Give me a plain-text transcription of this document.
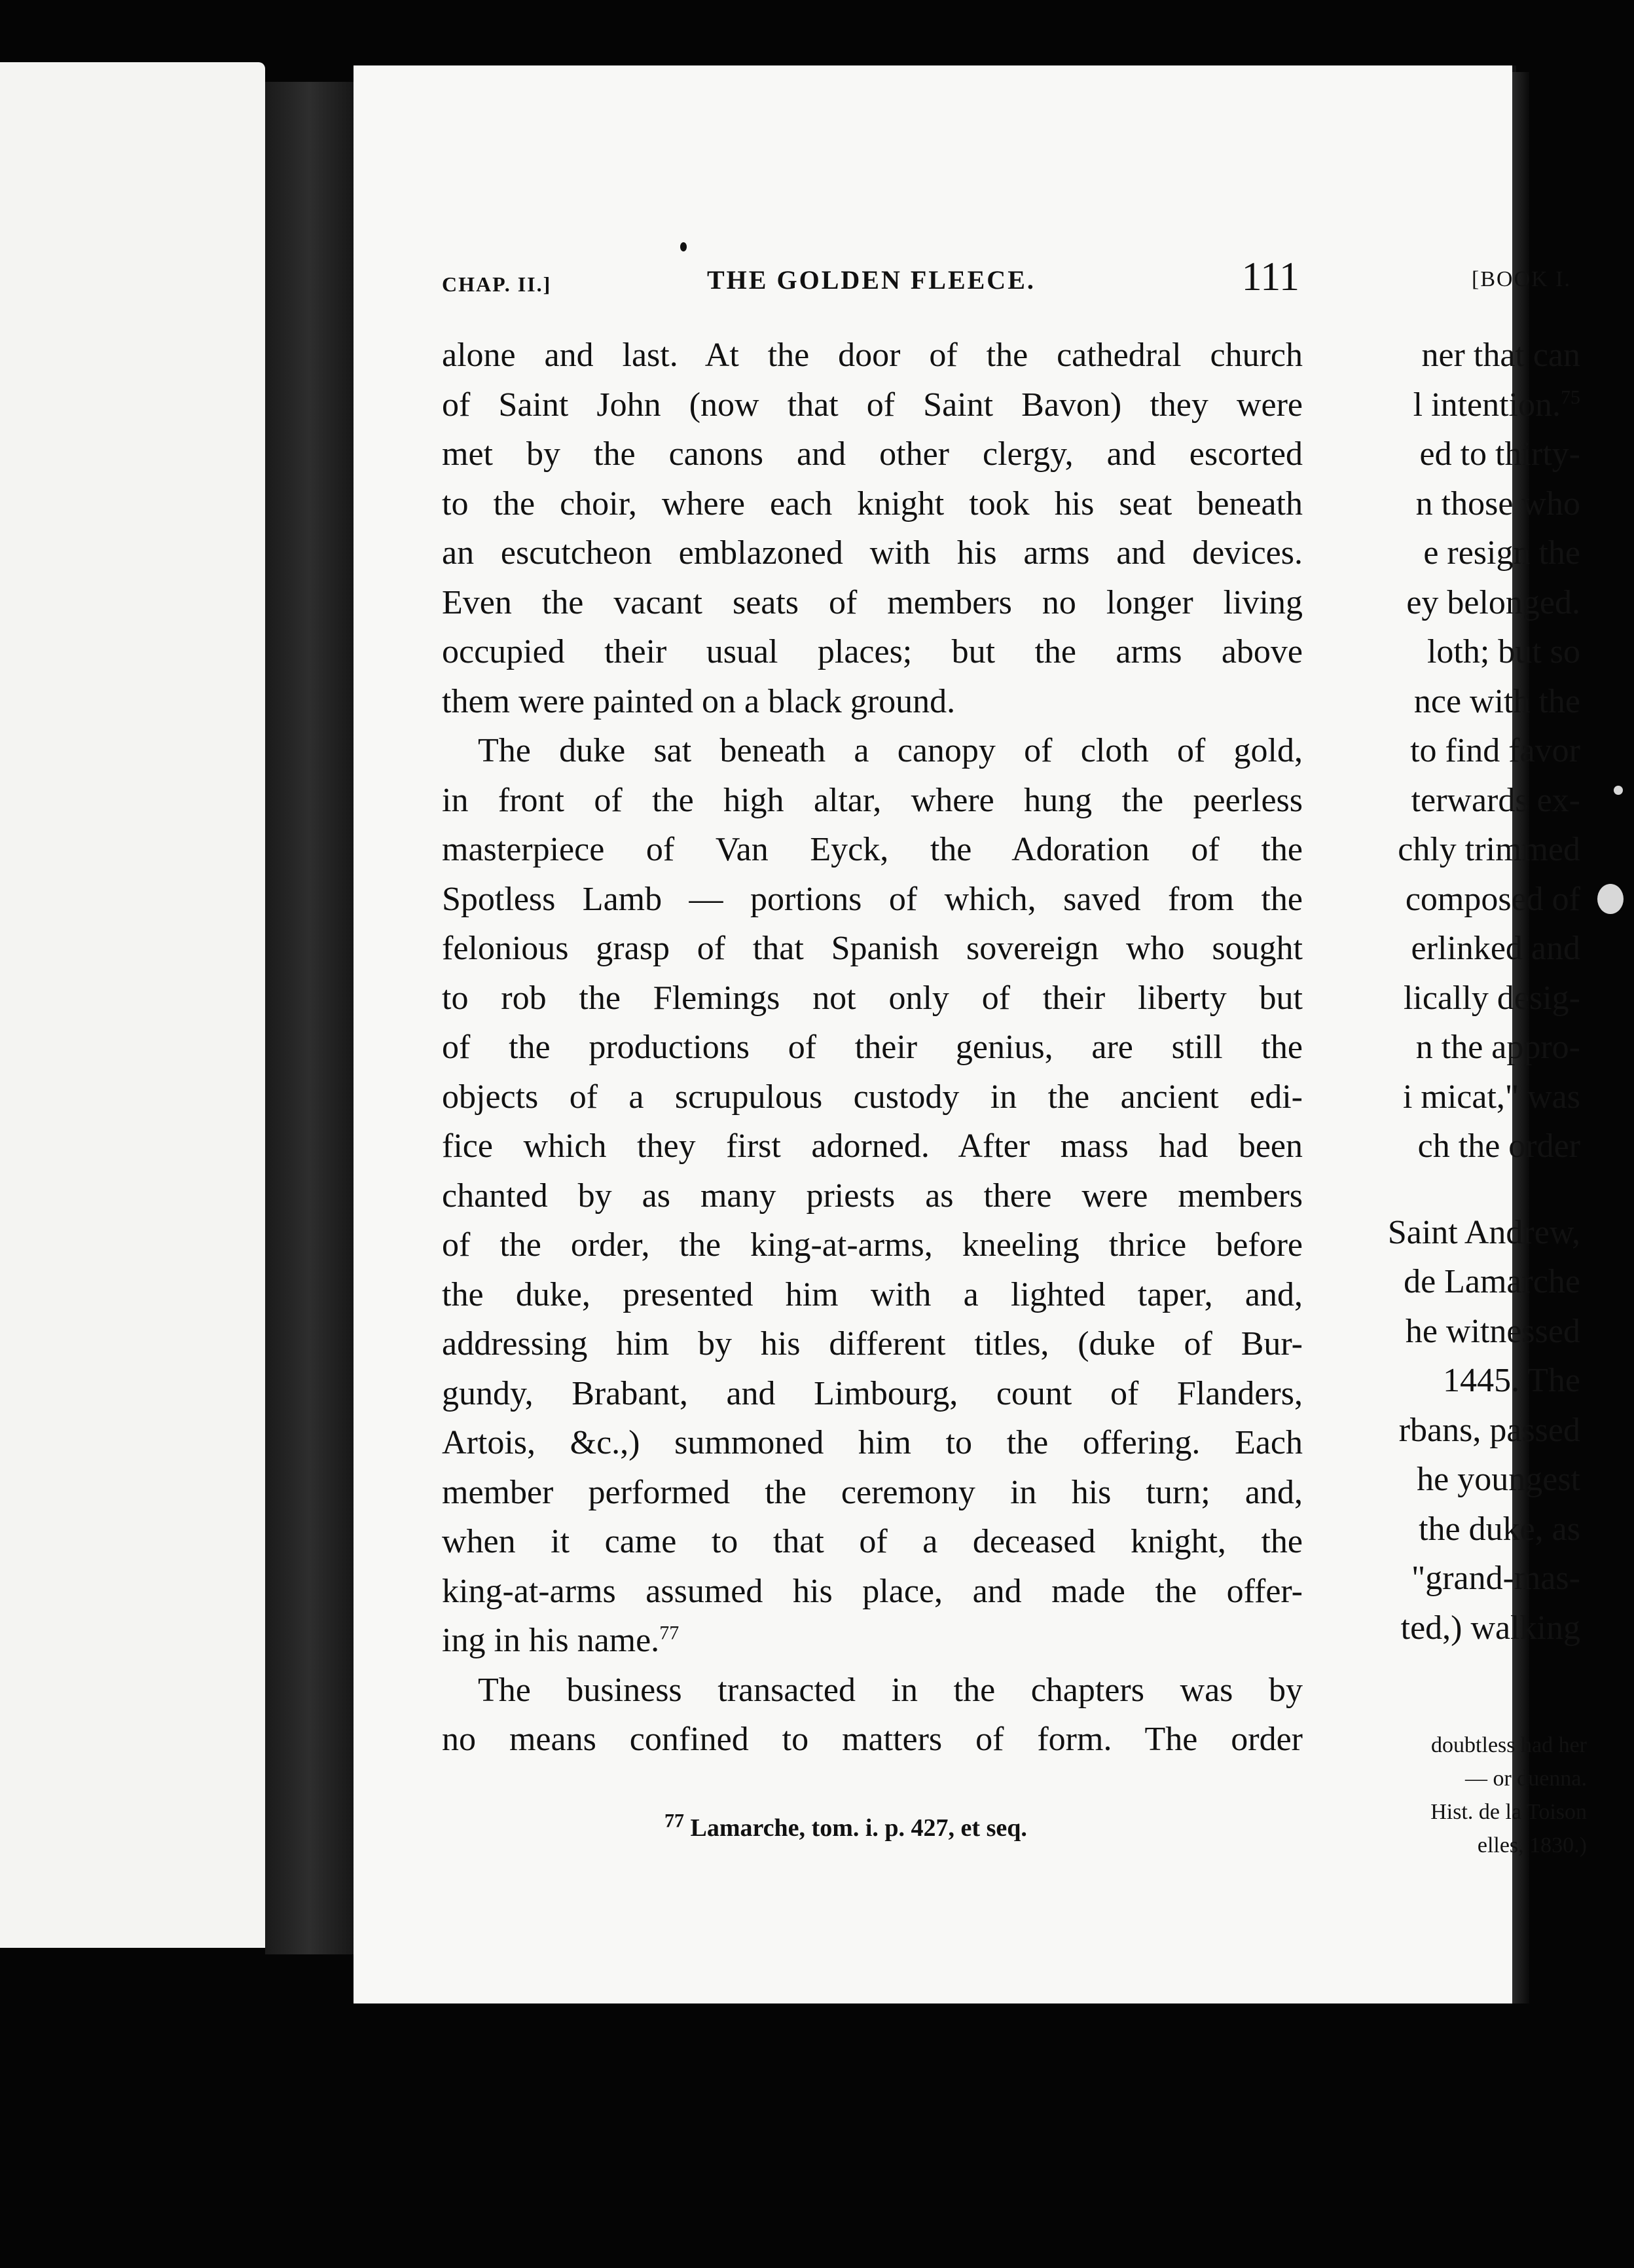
[BOOK I.
ner that can
l intention.$^{75}$
ed to thirty-
n those who
e resign the
ey belonged.
loth; but so
nce with the
to find favor
terwards ex-
chly trimmed
composed of
erlinked and
lically desig-
n the appro-
i micat," was
ch the order
Saint Andrew,
de Lamarche
he witnessed
1445. The
rbans, passed
he youngest
the duke, as
"grand-mas-
ted,) walking
doubtless had her
— or duenna.
Hist. de la Toison
elles, 1830.)
CHAP. II.]	THE GOLDEN FLEECE.	111
alone and last. At the door of the cathedral church
of Saint John (now that of Saint Bavon) they were
met by the canons and other clergy, and escorted
to the choir, where each knight took his seat beneath
an escutcheon emblazoned with his arms and devices.
Even the vacant seats of members no longer living
occupied their usual places; but the arms above
them were painted on a black ground.
The duke sat beneath a canopy of cloth of gold,
in front of the high altar, where hung the peerless
masterpiece of Van Eyck, the Adoration of the
Spotless Lamb — portions of which, saved from the
felonious grasp of that Spanish sovereign who sought
to rob the Flemings not only of their liberty but
of the productions of their genius, are still the
objects of a scrupulous custody in the ancient edi-
fice which they first adorned. After mass had been
chanted by as many priests as there were members
of the order, the king-at-arms, kneeling thrice before
the duke, presented him with a lighted taper, and,
addressing him by his different titles, (duke of Bur-
gundy, Brabant, and Limbourg, count of Flanders,
Artois, &c.,) summoned him to the offering. Each
member performed the ceremony in his turn; and,
when it came to that of a deceased knight, the
king-at-arms assumed his place, and made the offer-
ing in his name.$^{77}$
The business transacted in the chapters was by
no means confined to matters of form. The order
$^{77}$ Lamarche, tom. i. p. 427, et seq.
